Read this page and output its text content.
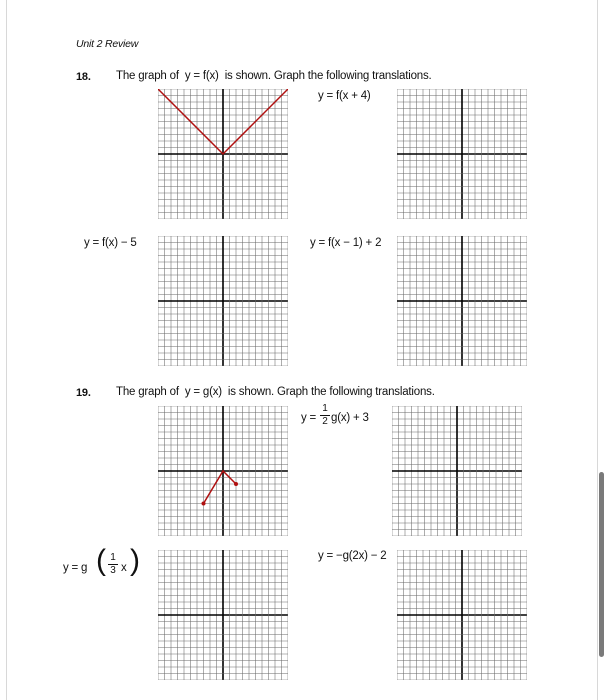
Unit 2 Review
18. The graph of y = f(x) is shown. Graph the following translations.
y = f(x + 4)
y = f(x) − 5	y = f(x − 1) + 2
19. The graph of y = g(x) is shown. Graph the following translations.
y =
1
2 g(x) + 3
y = g ( 1
3 x )	y = −g(2x) − 2
